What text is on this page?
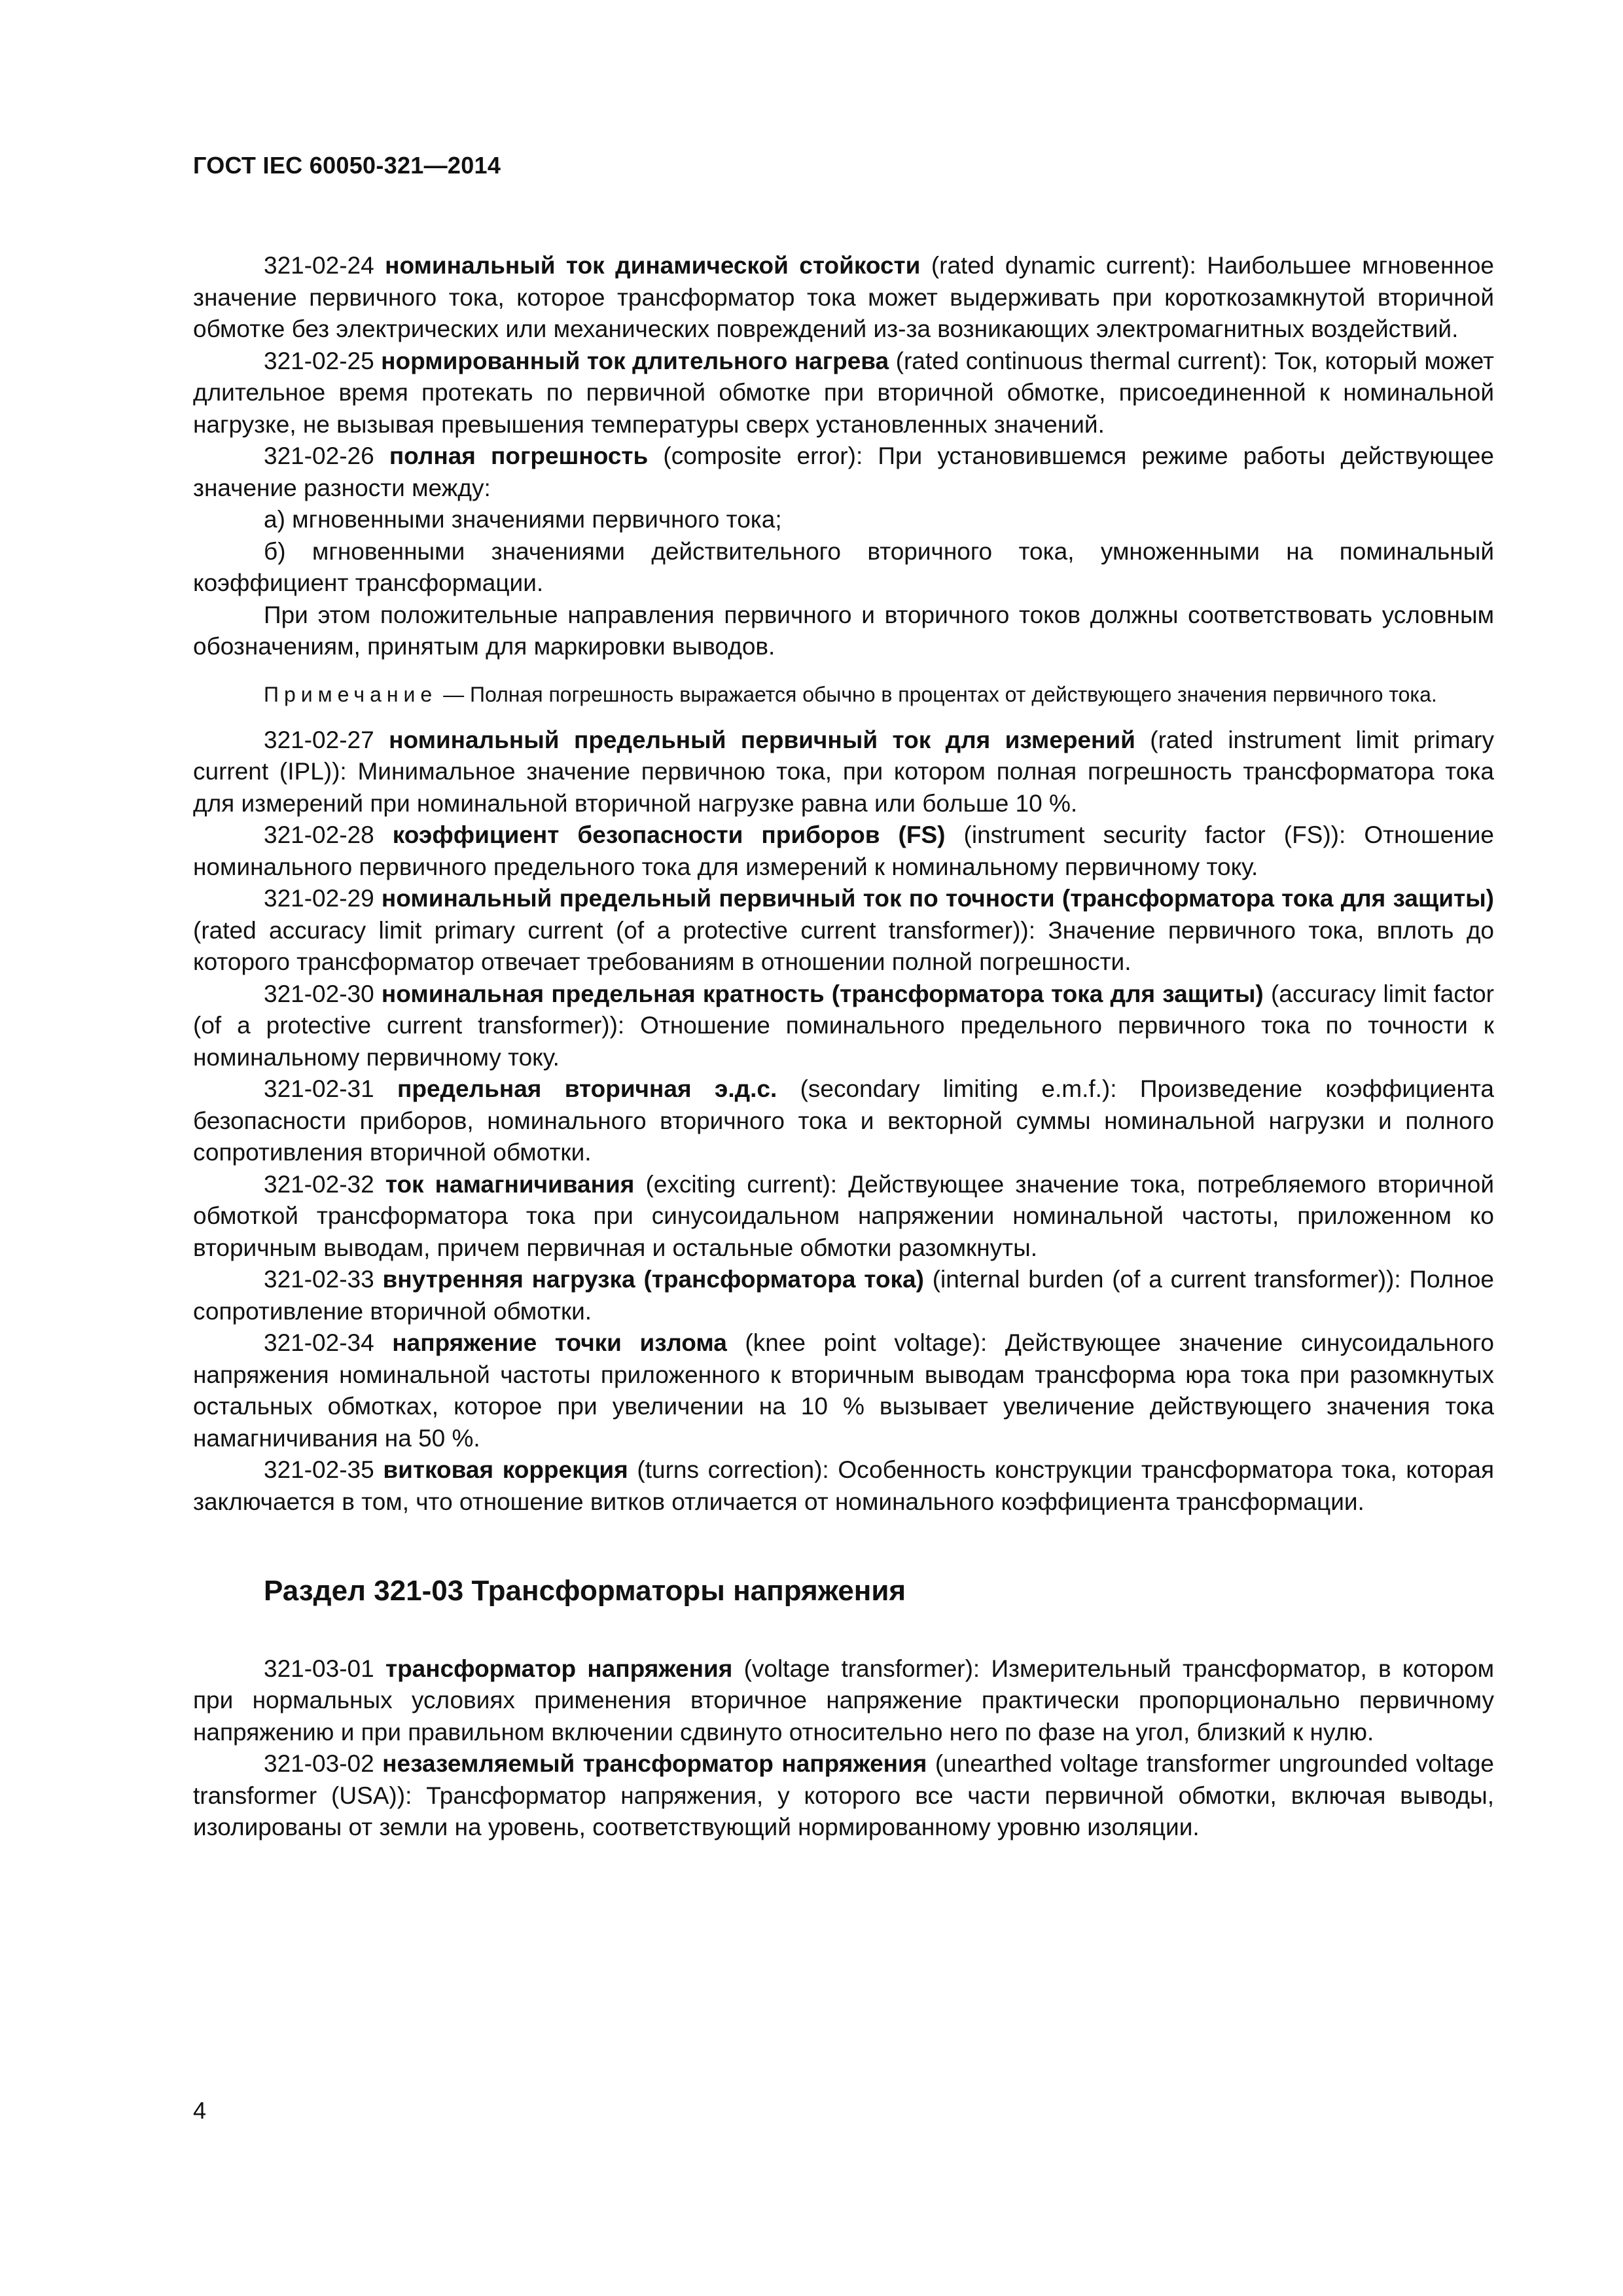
ГОСТ IEC 60050-321—2014

321-02-24 номинальный ток динамической стойкости (rated dynamic current): Наибольшее мгновенное значение первичного тока, которое трансформатор тока может выдерживать при короткозамкнутой вторичной обмотке без электрических или механических повреждений из-за возникающих электромагнитных воздействий.

321-02-25 нормированный ток длительного нагрева (rated continuous thermal current): Ток, который может длительное время протекать по первичной обмотке при вторичной обмотке, присоединенной к номинальной нагрузке, не вызывая превышения температуры сверх установленных значений.

321-02-26 полная погрешность (composite error): При установившемся режиме работы действующее значение разности между:

а) мгновенными значениями первичного тока;

б) мгновенными значениями действительного вторичного тока, умноженными на поминальный коэффициент трансформации.

При этом положительные направления первичного и вторичного токов должны соответствовать условным обозначениям, принятым для маркировки выводов.

Примечание — Полная погрешность выражается обычно в процентах от действующего значения первичного тока.

321-02-27 номинальный предельный первичный ток для измерений (rated instrument limit primary current (IPL)): Минимальное значение первичною тока, при котором полная погрешность трансформатора тока для измерений при номинальной вторичной нагрузке равна или больше 10 %.

321-02-28 коэффициент безопасности приборов (FS) (instrument security factor (FS)): Отношение номинального первичного предельного тока для измерений к номинальному первичному току.

321-02-29 номинальный предельный первичный ток по точности (трансформатора тока для защиты) (rated accuracy limit primary current (of a protective current transformer)): Значение первичного тока, вплоть до которого трансформатор отвечает требованиям в отношении полной погрешности.

321-02-30 номинальная предельная кратность (трансформатора тока для защиты) (accuracy limit factor (of a protective current transformer)): Отношение поминального предельного первичного тока по точности к номинальному первичному току.

321-02-31 предельная вторичная э.д.с. (secondary limiting e.m.f.): Произведение коэффициента безопасности приборов, номинального вторичного тока и векторной суммы номинальной нагрузки и полного сопротивления вторичной обмотки.

321-02-32 ток намагничивания (exciting current): Действующее значение тока, потребляемого вторичной обмоткой трансформатора тока при синусоидальном напряжении номинальной частоты, приложенном ко вторичным выводам, причем первичная и остальные обмотки разомкнуты.

321-02-33 внутренняя нагрузка (трансформатора тока) (internal burden (of a current transformer)): Полное сопротивление вторичной обмотки.

321-02-34 напряжение точки излома (knee point voltage): Действующее значение синусоидального напряжения номинальной частоты приложенного к вторичным выводам трансформа юра тока при разомкнутых остальных обмотках, которое при увеличении на 10 % вызывает увеличение действующего значения тока намагничивания на 50 %.

321-02-35 витковая коррекция (turns correction): Особенность конструкции трансформатора тока, которая заключается в том, что отношение витков отличается от номинального коэффициента трансформации.

Раздел 321-03 Трансформаторы напряжения

321-03-01 трансформатор напряжения (voltage transformer): Измерительный трансформатор, в котором при нормальных условиях применения вторичное напряжение практически пропорционально первичному напряжению и при правильном включении сдвинуто относительно него по фазе на угол, близкий к нулю.

321-03-02 незаземляемый трансформатор напряжения (unearthed voltage transformer ungrounded voltage transformer (USA)): Трансформатор напряжения, у которого все части первичной обмотки, включая выводы, изолированы от земли на уровень, соответствующий нормированному уровню изоляции.

4
